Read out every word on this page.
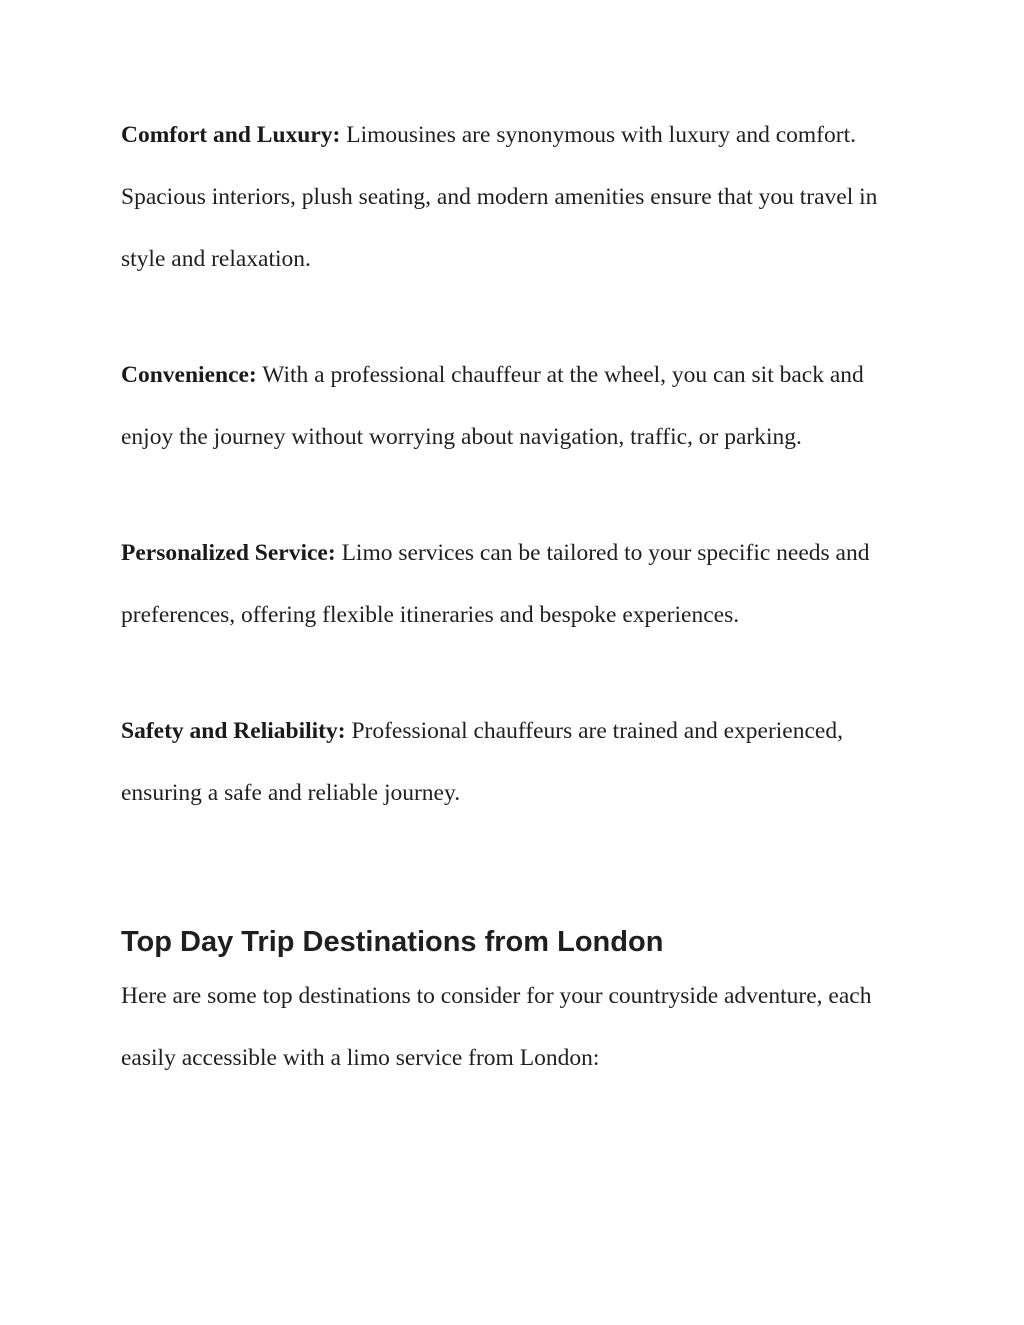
Comfort and Luxury: Limousines are synonymous with luxury and comfort. Spacious interiors, plush seating, and modern amenities ensure that you travel in style and relaxation.

Convenience: With a professional chauffeur at the wheel, you can sit back and enjoy the journey without worrying about navigation, traffic, or parking.

Personalized Service: Limo services can be tailored to your specific needs and preferences, offering flexible itineraries and bespoke experiences.

Safety and Reliability: Professional chauffeurs are trained and experienced, ensuring a safe and reliable journey.

Top Day Trip Destinations from London

Here are some top destinations to consider for your countryside adventure, each easily accessible with a limo service from London:
